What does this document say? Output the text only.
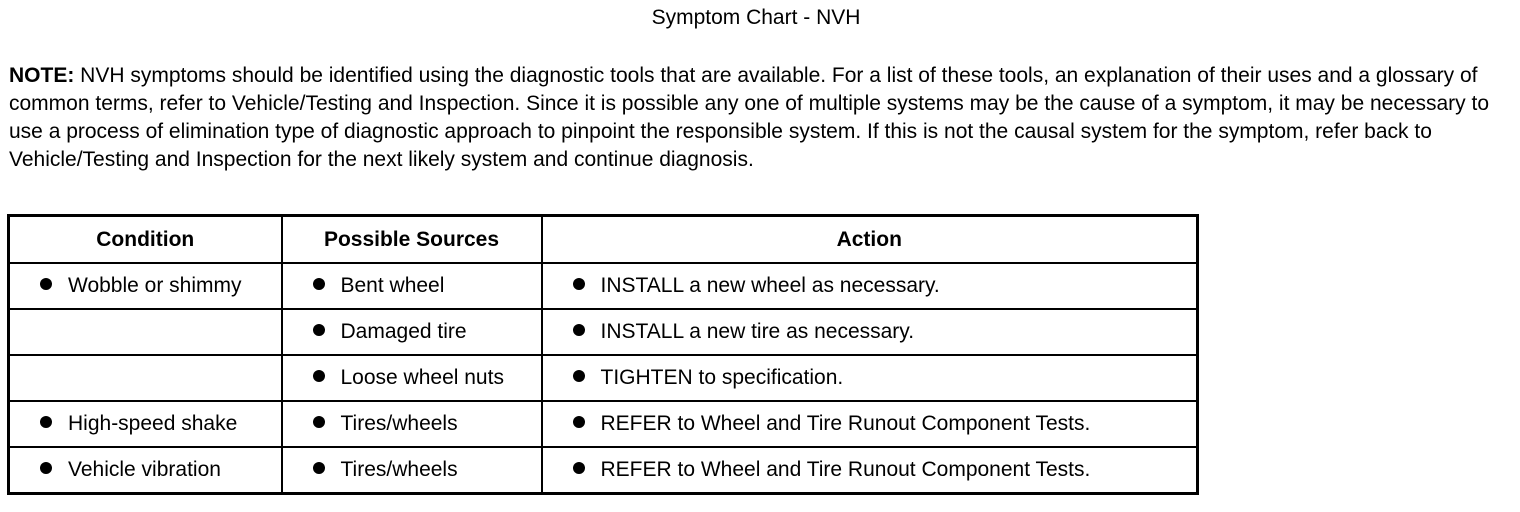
Symptom Chart - NVH
NOTE: NVH symptoms should be identified using the diagnostic tools that are available. For a list of these tools, an explanation of their uses and a glossary of common terms, refer to Vehicle/Testing and Inspection. Since it is possible any one of multiple systems may be the cause of a symptom, it may be necessary to use a process of elimination type of diagnostic approach to pinpoint the responsible system. If this is not the causal system for the symptom, refer back to Vehicle/Testing and Inspection for the next likely system and continue diagnosis.
Condition	Possible Sources	Action
Wobble or shimmy	Bent wheel	INSTALL a new wheel as necessary.
	Damaged tire	INSTALL a new tire as necessary.
	Loose wheel nuts	TIGHTEN to specification.
High-speed shake	Tires/wheels	REFER to Wheel and Tire Runout Component Tests.
Vehicle vibration	Tires/wheels	REFER to Wheel and Tire Runout Component Tests.
